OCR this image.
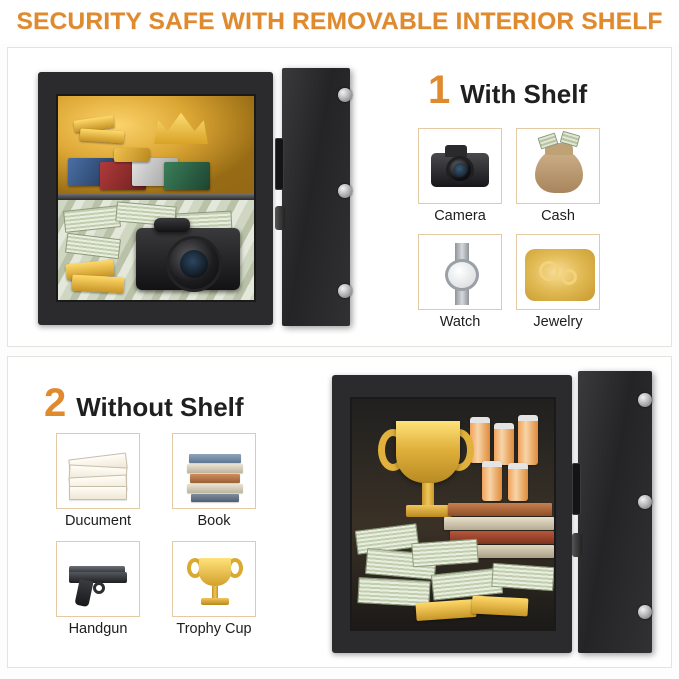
SECURITY SAFE WITH REMOVABLE INTERIOR SHELF
1 With Shelf
Camera	Cash
Watch	Jewelry
2 Without Shelf
Ducument	Book
Handgun	Trophy Cup
